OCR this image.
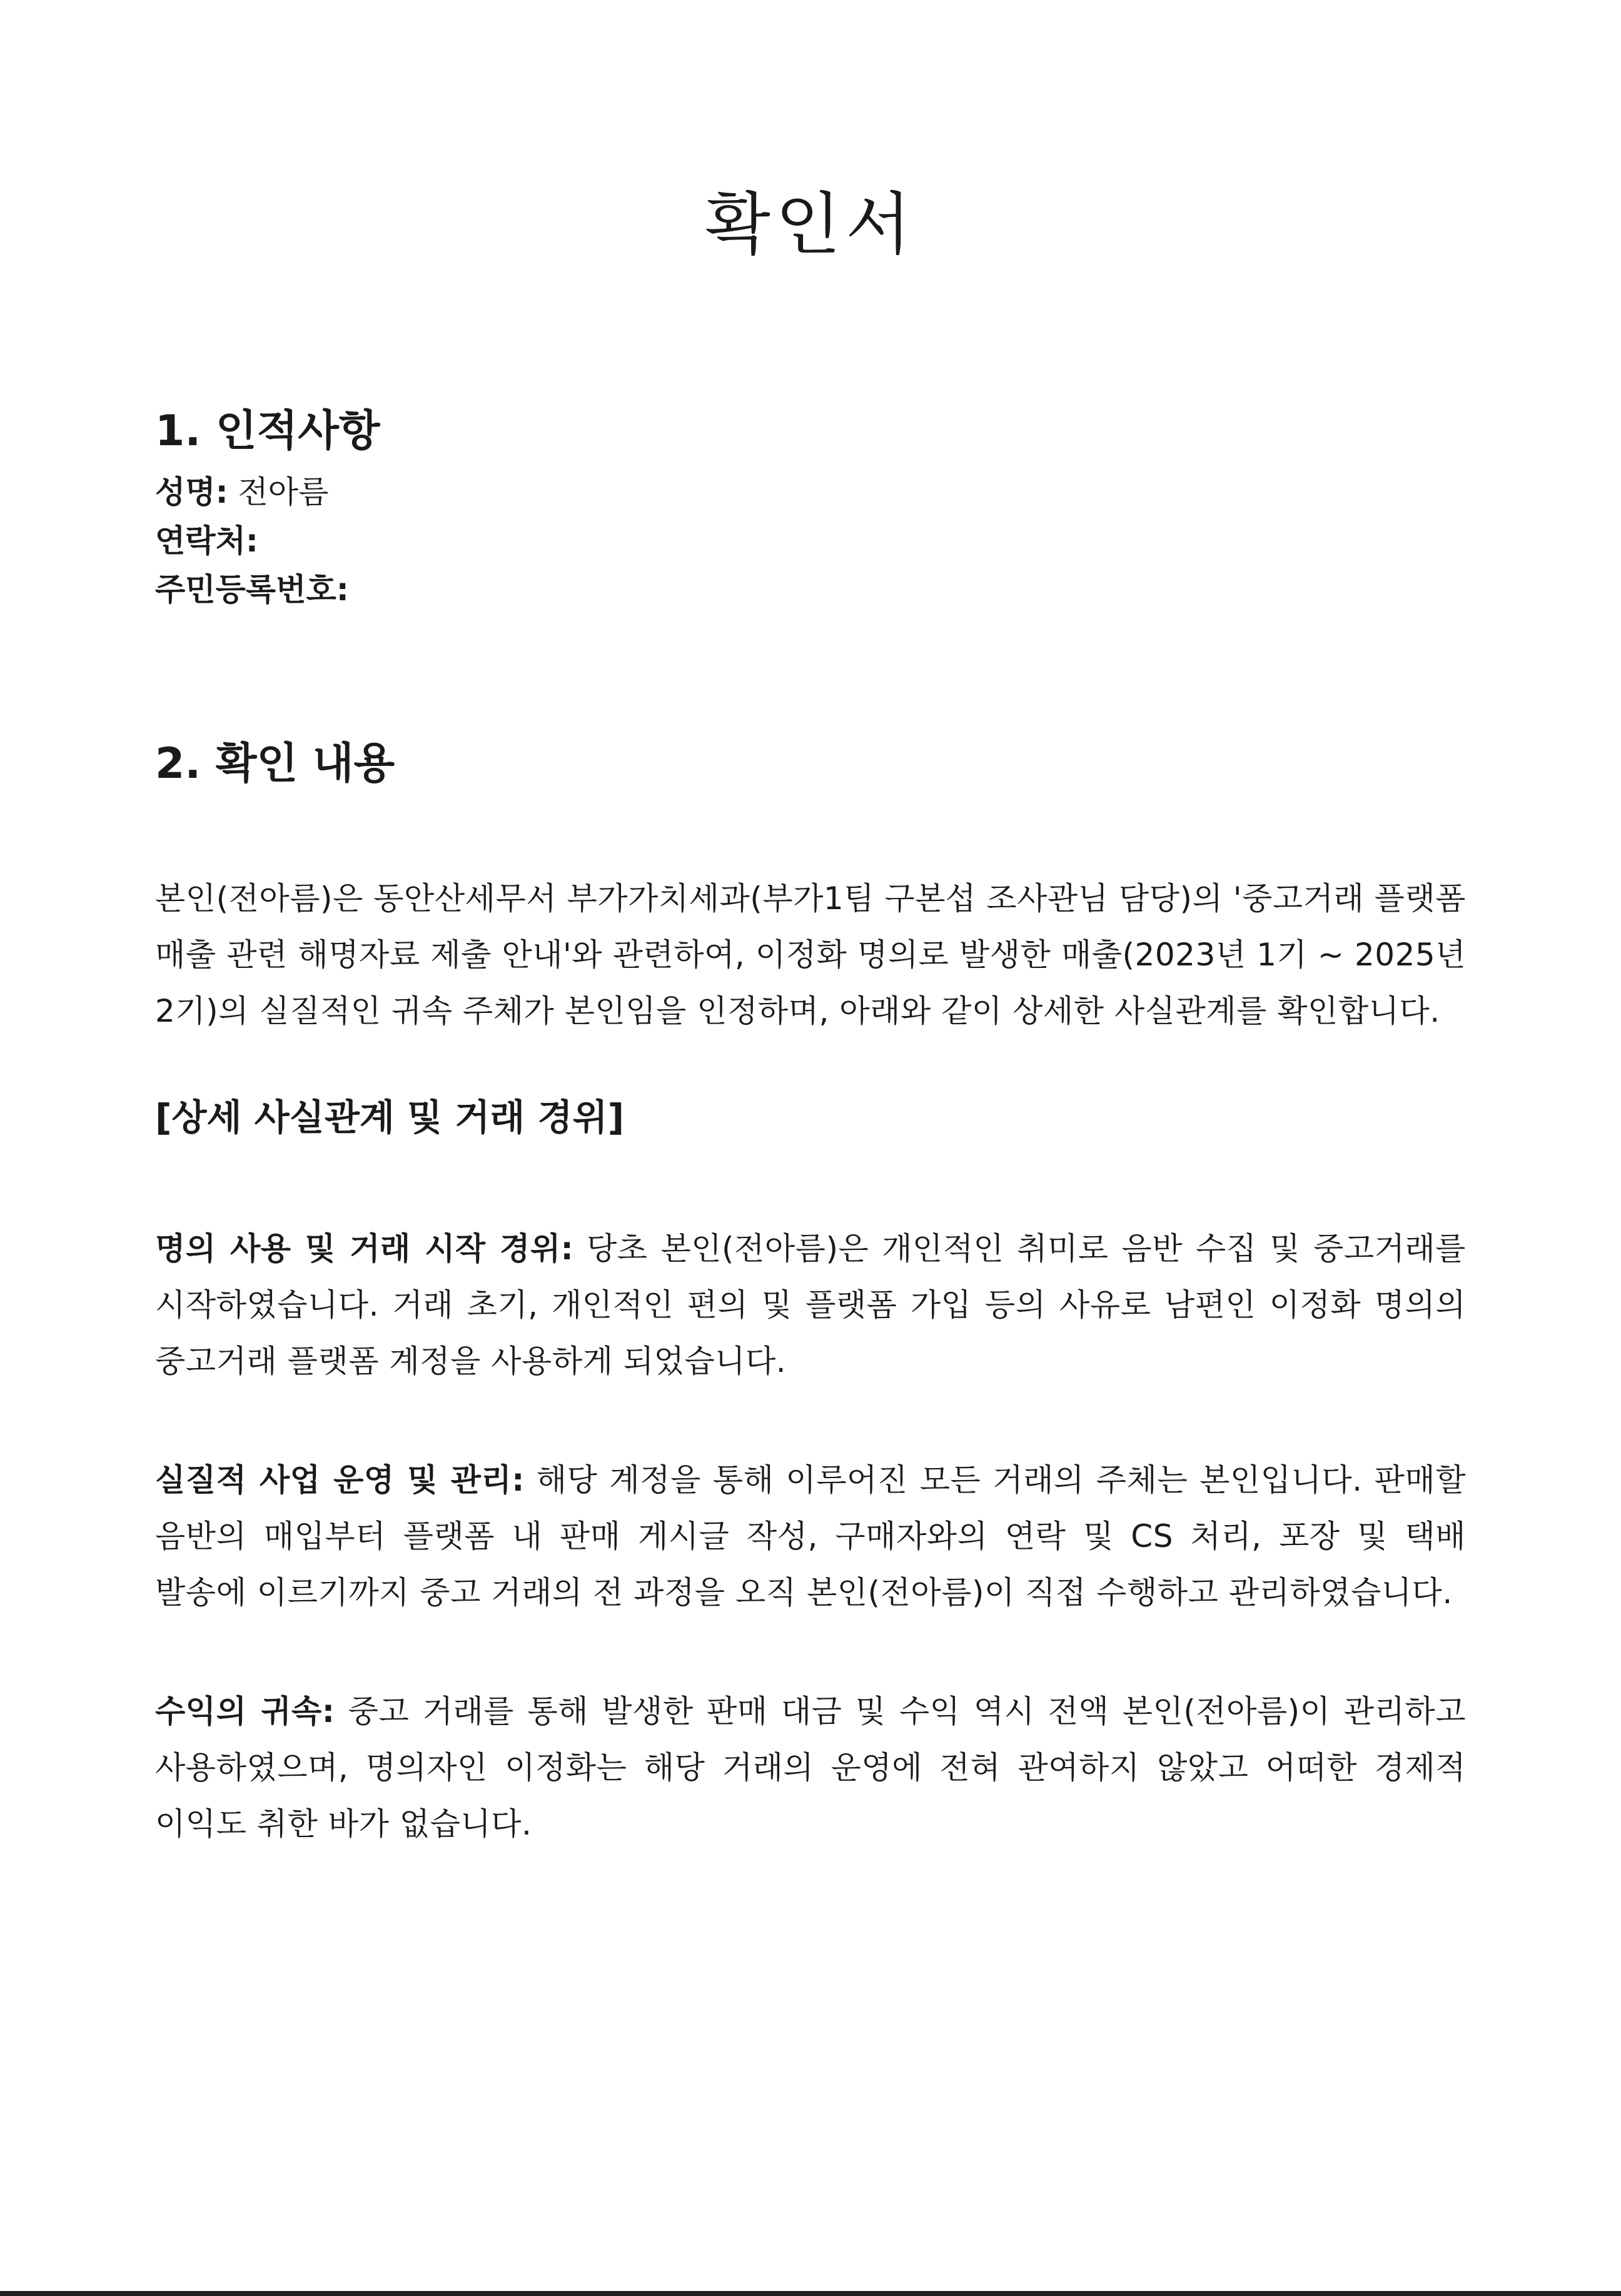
확인서
1. 인적사항

성명: 전아름

연락처:

주민등록번호:

2. 확인 내용

본인(전아름)은 동안산세무서 부가가치세과(부가1팀 구본섭 조사관님 담당)의 '중고거래 플랫폼 매출 관련 해명자료 제출 안내'와 관련하여, 이정화 명의로 발생한 매출(2023년 1기 ~ 2025년 2기)의 실질적인 귀속 주체가 본인임을 인정하며, 아래와 같이 상세한 사실관계를 확인합니다.

[상세 사실관계 및 거래 경위]

명의 사용 및 거래 시작 경위: 당초 본인(전아름)은 개인적인 취미로 음반 수집 및 중고거래를 시작하였습니다. 거래 초기, 개인적인 편의 및 플랫폼 가입 등의 사유로 남편인 이정화 명의의 중고거래 플랫폼 계정을 사용하게 되었습니다.

실질적 사업 운영 및 관리: 해당 계정을 통해 이루어진 모든 거래의 주체는 본인입니다. 판매할 음반의 매입부터 플랫폼 내 판매 게시글 작성, 구매자와의 연락 및 CS 처리, 포장 및 택배 발송에 이르기까지 중고 거래의 전 과정을 오직 본인(전아름)이 직접 수행하고 관리하였습니다.

수익의 귀속: 중고 거래를 통해 발생한 판매 대금 및 수익 역시 전액 본인(전아름)이 관리하고 사용하였으며, 명의자인 이정화는 해당 거래의 운영에 전혀 관여하지 않았고 어떠한 경제적 이익도 취한 바가 없습니다.
